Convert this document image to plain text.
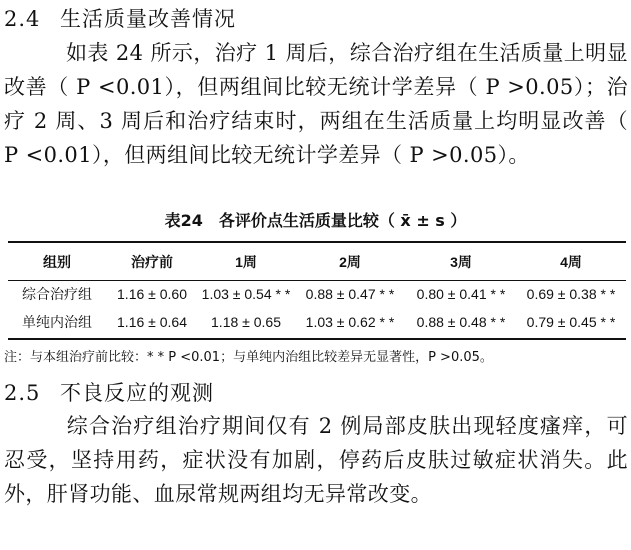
2.4 生活质量改善情况

如表 24 所示，治疗 1 周后，综合治疗组在生活质量上明显改善（ P <0.01），但两组间比较无统计学差异（ P >0.05）；治疗 2 周、3 周后和治疗结束时，两组在生活质量上均明显改善（ P <0.01），但两组间比较无统计学差异（ P >0.05）。

表24　各评价点生活质量比较（ x̄ ± s ）
组别	治疗前	1周	2周	3周	4周
综合治疗组	1.16 ± 0.60	1.03 ± 0.54 * *	0.88 ± 0.47 * *	0.80 ± 0.41 * *	0.69 ± 0.38 * *
单纯内治组	1.16 ± 0.64	1.18 ± 0.65	1.03 ± 0.62 * *	0.88 ± 0.48 * *	0.79 ± 0.45 * *
注：与本组治疗前比较：* * P <0.01；与单纯内治组比较差异无显著性，P >0.05。
2.5 不良反应的观测

综合治疗组治疗期间仅有 2 例局部皮肤出现轻度瘙痒，可忍受，坚持用药，症状没有加剧，停药后皮肤过敏症状消失。此外，肝肾功能、血尿常规两组均无异常改变。
